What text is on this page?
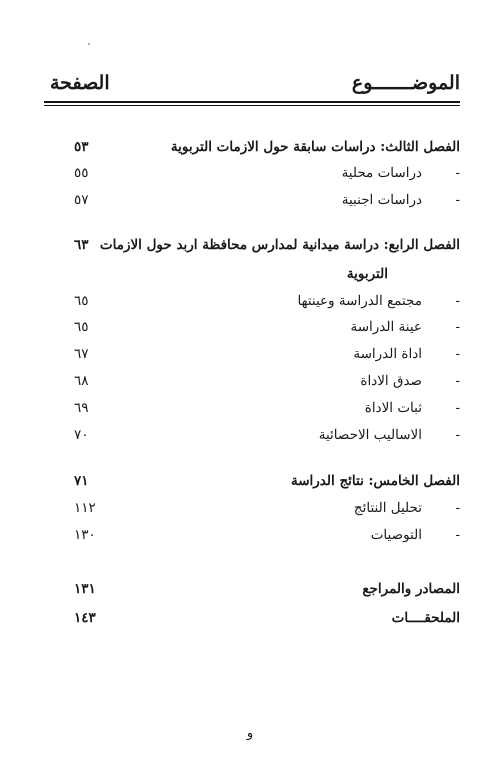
الموضـــــــوع
الصفحة
الفصل الثالث: دراسات سابقة حول الازمات التربوية
٥٣
-
دراسات محلية
٥٥
-
دراسات اجنبية
٥٧
الفصل الرابع: دراسة ميدانية لمدارس محافظة اربد حول الازمات
٦٣
التربوية
-
مجتمع الدراسة وعينتها
٦٥
-
عينة الدراسة
٦٥
-
اداة الدراسة
٦٧
-
صدق الاداة
٦٨
-
ثبات الاداة
٦٩
-
الاساليب الاحصائية
٧٠
الفصل الخامس: نتائج الدراسة
٧١
-
تحليل النتائج
١١٢
-
التوصيات
١٣٠
المصادر والمراجع
١٣١
الملحقــــات
١٤٣
و
